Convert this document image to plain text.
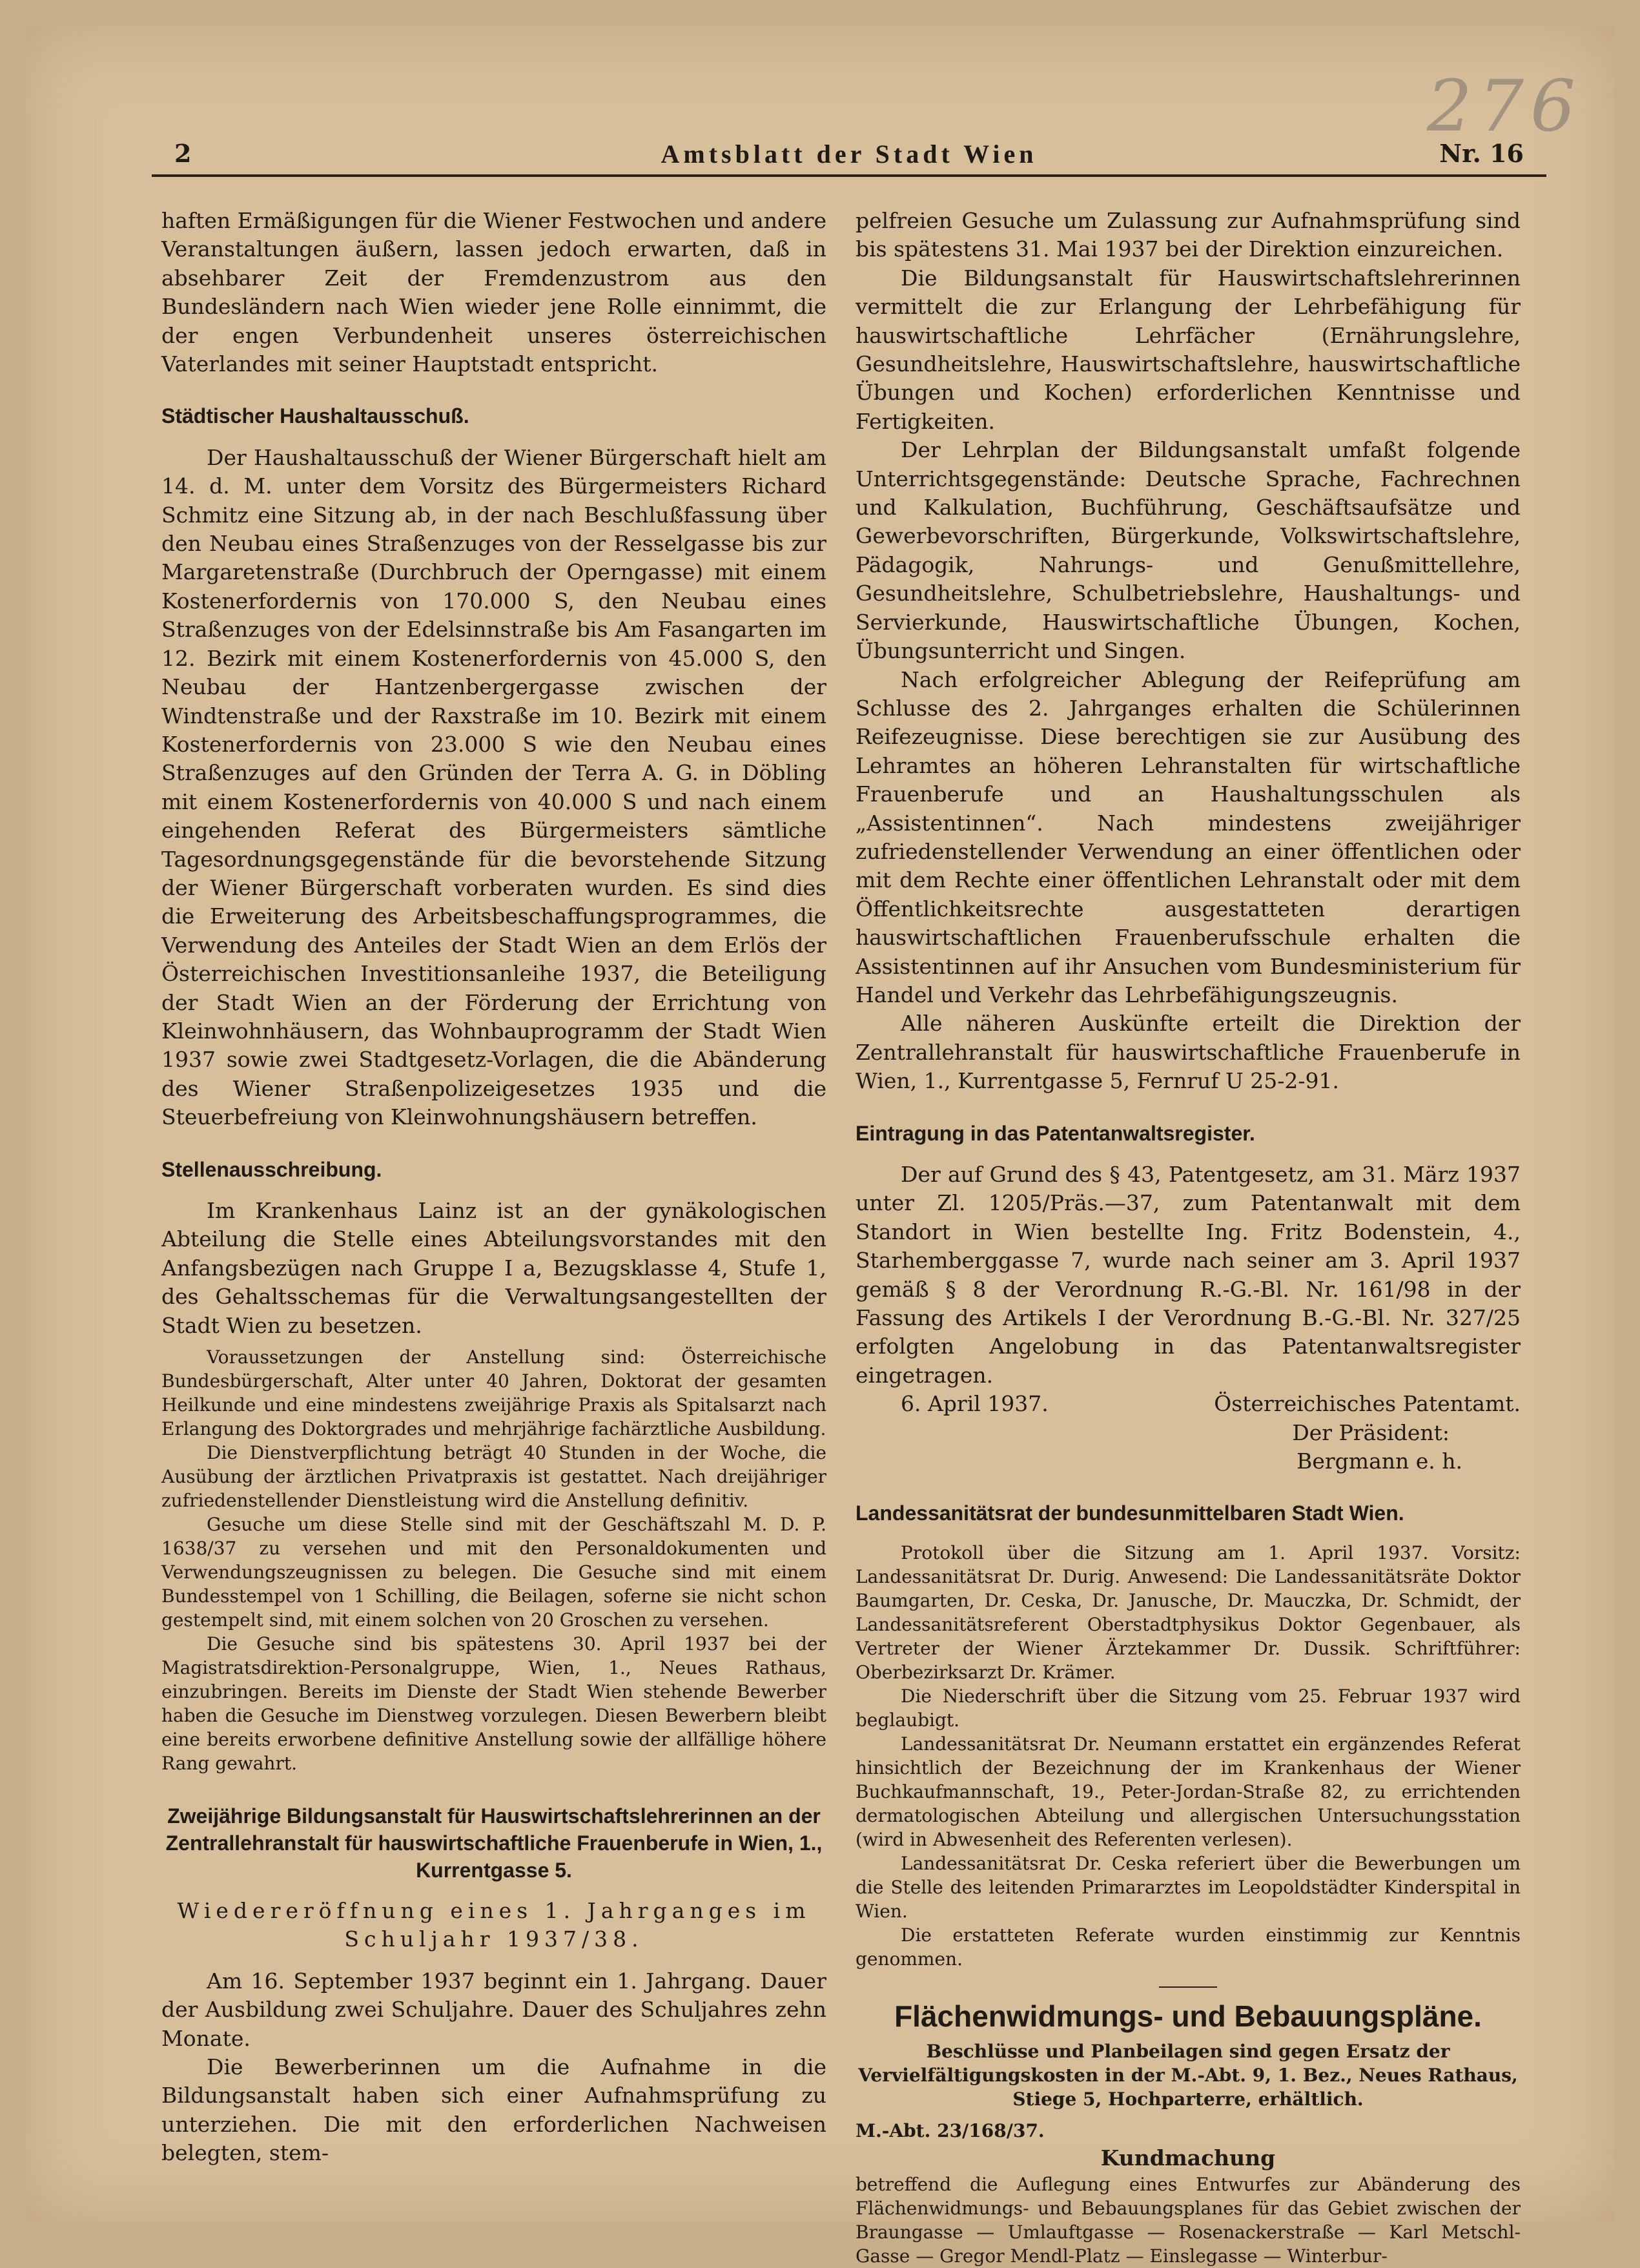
276
2	Amtsblatt der Stadt Wien	Nr. 16

haften Ermäßigungen für die Wiener Festwochen und andere Veranstaltungen äußern, lassen jedoch erwarten, daß in absehbarer Zeit der Fremdenzustrom aus den Bundesländern nach Wien wieder jene Rolle einnimmt, die der engen Verbundenheit unseres österreichischen Vaterlandes mit seiner Hauptstadt entspricht.

Städtischer Haushaltausschuß.

Der Haushaltausschuß der Wiener Bürgerschaft hielt am 14. d. M. unter dem Vorsitz des Bürgermeisters Richard Schmitz eine Sitzung ab, in der nach Beschlußfassung über den Neubau eines Straßenzuges von der Resselgasse bis zur Margaretenstraße (Durchbruch der Operngasse) mit einem Kostenerfordernis von 170.000 S, den Neubau eines Straßenzuges von der Edelsinnstraße bis Am Fasangarten im 12. Bezirk mit einem Kostenerfordernis von 45.000 S, den Neubau der Hantzenbergergasse zwischen der Windtenstraße und der Raxstraße im 10. Bezirk mit einem Kostenerfordernis von 23.000 S wie den Neubau eines Straßenzuges auf den Gründen der Terra A. G. in Döbling mit einem Kostenerfordernis von 40.000 S und nach einem eingehenden Referat des Bürgermeisters sämtliche Tagesordnungsgegenstände für die bevorstehende Sitzung der Wiener Bürgerschaft vorberaten wurden. Es sind dies die Erweiterung des Arbeitsbeschaffungsprogrammes, die Verwendung des Anteiles der Stadt Wien an dem Erlös der Österreichischen Investitionsanleihe 1937, die Beteiligung der Stadt Wien an der Förderung der Errichtung von Kleinwohnhäusern, das Wohnbauprogramm der Stadt Wien 1937 sowie zwei Stadtgesetz-Vorlagen, die die Abänderung des Wiener Straßenpolizeigesetzes 1935 und die Steuerbefreiung von Kleinwohnungshäusern betreffen.

Stellenausschreibung.

Im Krankenhaus Lainz ist an der gynäkologischen Abteilung die Stelle eines Abteilungsvorstandes mit den Anfangsbezügen nach Gruppe I a, Bezugsklasse 4, Stufe 1, des Gehaltsschemas für die Verwaltungsangestellten der Stadt Wien zu besetzen.

Voraussetzungen der Anstellung sind: Österreichische Bundesbürgerschaft, Alter unter 40 Jahren, Doktorat der gesamten Heilkunde und eine mindestens zweijährige Praxis als Spitalsarzt nach Erlangung des Doktorgrades und mehrjährige fachärztliche Ausbildung.

Die Dienstverpflichtung beträgt 40 Stunden in der Woche, die Ausübung der ärztlichen Privatpraxis ist gestattet. Nach dreijähriger zufriedenstellender Dienstleistung wird die Anstellung definitiv.

Gesuche um diese Stelle sind mit der Geschäftszahl M. D. P. 1638/37 zu versehen und mit den Personaldokumenten und Verwendungszeugnissen zu belegen. Die Gesuche sind mit einem Bundesstempel von 1 Schilling, die Beilagen, soferne sie nicht schon gestempelt sind, mit einem solchen von 20 Groschen zu versehen.

Die Gesuche sind bis spätestens 30. April 1937 bei der Magistratsdirektion-Personalgruppe, Wien, 1., Neues Rathaus, einzubringen. Bereits im Dienste der Stadt Wien stehende Bewerber haben die Gesuche im Dienstweg vorzulegen. Diesen Bewerbern bleibt eine bereits erworbene definitive Anstellung sowie der allfällige höhere Rang gewahrt.

Zweijährige Bildungsanstalt für Hauswirtschaftslehrerinnen an der Zentrallehranstalt für hauswirtschaftliche Frauenberufe in Wien, 1., Kurrentgasse 5.

Wiedereröffnung eines 1. Jahrganges im Schuljahr 1937/38.

Am 16. September 1937 beginnt ein 1. Jahrgang. Dauer der Ausbildung zwei Schuljahre. Dauer des Schuljahres zehn Monate.

Die Bewerberinnen um die Aufnahme in die Bildungsanstalt haben sich einer Aufnahmsprüfung zu unterziehen. Die mit den erforderlichen Nachweisen belegten, stem-

pelfreien Gesuche um Zulassung zur Aufnahmsprüfung sind bis spätestens 31. Mai 1937 bei der Direktion einzureichen.

Die Bildungsanstalt für Hauswirtschaftslehrerinnen vermittelt die zur Erlangung der Lehrbefähigung für hauswirtschaftliche Lehrfächer (Ernährungslehre, Gesundheitslehre, Hauswirtschaftslehre, hauswirtschaftliche Übungen und Kochen) erforderlichen Kenntnisse und Fertigkeiten.

Der Lehrplan der Bildungsanstalt umfaßt folgende Unterrichtsgegenstände: Deutsche Sprache, Fachrechnen und Kalkulation, Buchführung, Geschäftsaufsätze und Gewerbevorschriften, Bürgerkunde, Volkswirtschaftslehre, Pädagogik, Nahrungs- und Genußmittellehre, Gesundheitslehre, Schulbetriebslehre, Haushaltungs- und Servierkunde, Hauswirtschaftliche Übungen, Kochen, Übungsunterricht und Singen.

Nach erfolgreicher Ablegung der Reifeprüfung am Schlusse des 2. Jahrganges erhalten die Schülerinnen Reifezeugnisse. Diese berechtigen sie zur Ausübung des Lehramtes an höheren Lehranstalten für wirtschaftliche Frauenberufe und an Haushaltungsschulen als „Assistentinnen“. Nach mindestens zweijähriger zufriedenstellender Verwendung an einer öffentlichen oder mit dem Rechte einer öffentlichen Lehranstalt oder mit dem Öffentlichkeitsrechte ausgestatteten derartigen hauswirtschaftlichen Frauenberufsschule erhalten die Assistentinnen auf ihr Ansuchen vom Bundesministerium für Handel und Verkehr das Lehrbefähigungszeugnis.

Alle näheren Auskünfte erteilt die Direktion der Zentrallehranstalt für hauswirtschaftliche Frauenberufe in Wien, 1., Kurrentgasse 5, Fernruf U 25-2-91.

Eintragung in das Patentanwaltsregister.

Der auf Grund des § 43, Patentgesetz, am 31. März 1937 unter Zl. 1205/Präs.—37, zum Patentanwalt mit dem Standort in Wien bestellte Ing. Fritz Bodenstein, 4., Starhemberggasse 7, wurde nach seiner am 3. April 1937 gemäß § 8 der Verordnung R.-G.-Bl. Nr. 161/98 in der Fassung des Artikels I der Verordnung B.-G.-Bl. Nr. 327/25 erfolgten Angelobung in das Patentanwaltsregister eingetragen.

6. April 1937.	Österreichisches Patentamt.

Der Präsident:

Bergmann e. h.

Landessanitätsrat der bundesunmittelbaren Stadt Wien.

Protokoll über die Sitzung am 1. April 1937. Vorsitz: Landessanitätsrat Dr. Durig. Anwesend: Die Landessanitätsräte Doktor Baumgarten, Dr. Ceska, Dr. Janusche, Dr. Mauczka, Dr. Schmidt, der Landessanitätsreferent Oberstadtphysikus Doktor Gegenbauer, als Vertreter der Wiener Ärztekammer Dr. Dussik. Schriftführer: Oberbezirksarzt Dr. Krämer.

Die Niederschrift über die Sitzung vom 25. Februar 1937 wird beglaubigt.

Landessanitätsrat Dr. Neumann erstattet ein ergänzendes Referat hinsichtlich der Bezeichnung der im Krankenhaus der Wiener Buchkaufmannschaft, 19., Peter-Jordan-Straße 82, zu errichtenden dermatologischen Abteilung und allergischen Untersuchungsstation (wird in Abwesenheit des Referenten verlesen).

Landessanitätsrat Dr. Ceska referiert über die Bewerbungen um die Stelle des leitenden Primararztes im Leopoldstädter Kinderspital in Wien.

Die erstatteten Referate wurden einstimmig zur Kenntnis genommen.

Flächenwidmungs- und Bebauungspläne.

Beschlüsse und Planbeilagen sind gegen Ersatz der Vervielfältigungskosten in der M.-Abt. 9, 1. Bez., Neues Rathaus, Stiege 5, Hochparterre, erhältlich.

M.-Abt. 23/168/37.

Kundmachung

betreffend die Auflegung eines Entwurfes zur Abänderung des Flächenwidmungs- und Bebauungsplanes für das Gebiet zwischen der Braungasse — Umlauftgasse — Rosenackerstraße — Karl Metschl-Gasse — Gregor Mendl-Platz — Einslegasse — Winterbur-
